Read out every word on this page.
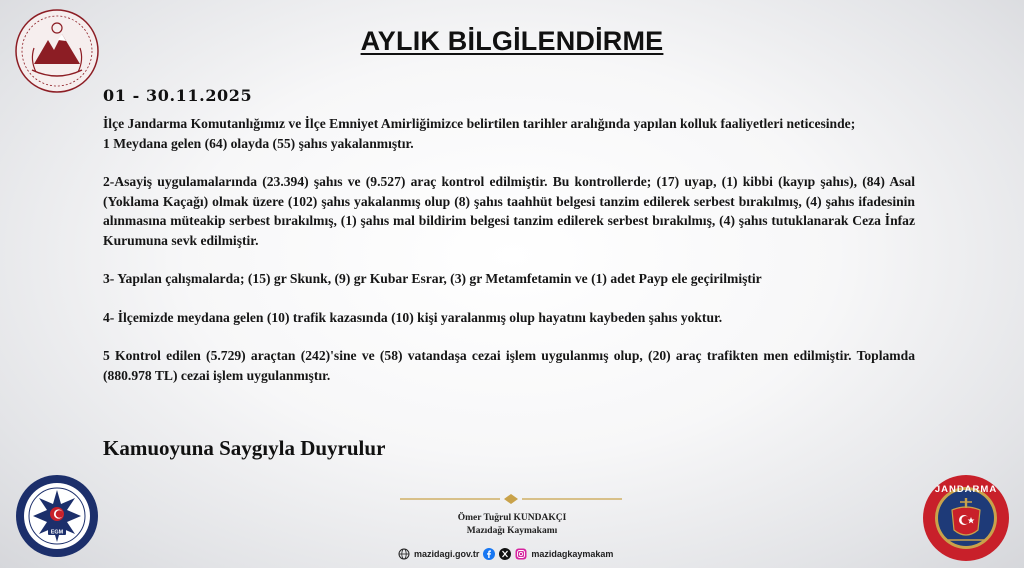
AYLIK BİLGİLENDİRME
01 - 30.11.2025

İlçe Jandarma Komutanlığımız ve İlçe Emniyet Amirliğimizce belirtilen tarihler aralığında yapılan kolluk faaliyetleri neticesinde;

1 Meydana gelen (64) olayda (55) şahıs yakalanmıştır.

2-Asayiş uygulamalarında (23.394) şahıs ve (9.527) araç kontrol edilmiştir. Bu kontrollerde; (17) uyap, (1) kibbi (kayıp şahıs), (84) Asal (Yoklama Kaçağı) olmak üzere (102) şahıs yakalanmış olup (8) şahıs taahhüt belgesi tanzim edilerek serbest bırakılmış, (4) şahıs ifadesinin alınmasına müteakip serbest bırakılmış, (1) şahıs mal bildirim belgesi tanzim edilerek serbest bırakılmış, (4) şahıs tutuklanarak Ceza İnfaz Kurumuna sevk edilmiştir.

3- Yapılan çalışmalarda; (15) gr Skunk, (9) gr Kubar Esrar, (3) gr Metamfetamin ve (1) adet Payp ele geçirilmiştir

4- İlçemizde meydana gelen (10) trafik kazasında (10) kişi yaralanmış olup hayatını kaybeden şahıs yoktur.

5 Kontrol edilen (5.729) araçtan (242)'sine ve (58) vatandaşa cezai işlem uygulanmış olup, (20) araç trafikten men edilmiştir. Toplamda (880.978 TL) cezai işlem uygulanmıştır.

Kamuoyuna Saygıyla Duyrulur
Ömer Tuğrul KUNDAKÇI
Mazıdağı Kaymakamı
mazidagi.gov.tr	mazidagkaymakam
EGM
JANDARMA
